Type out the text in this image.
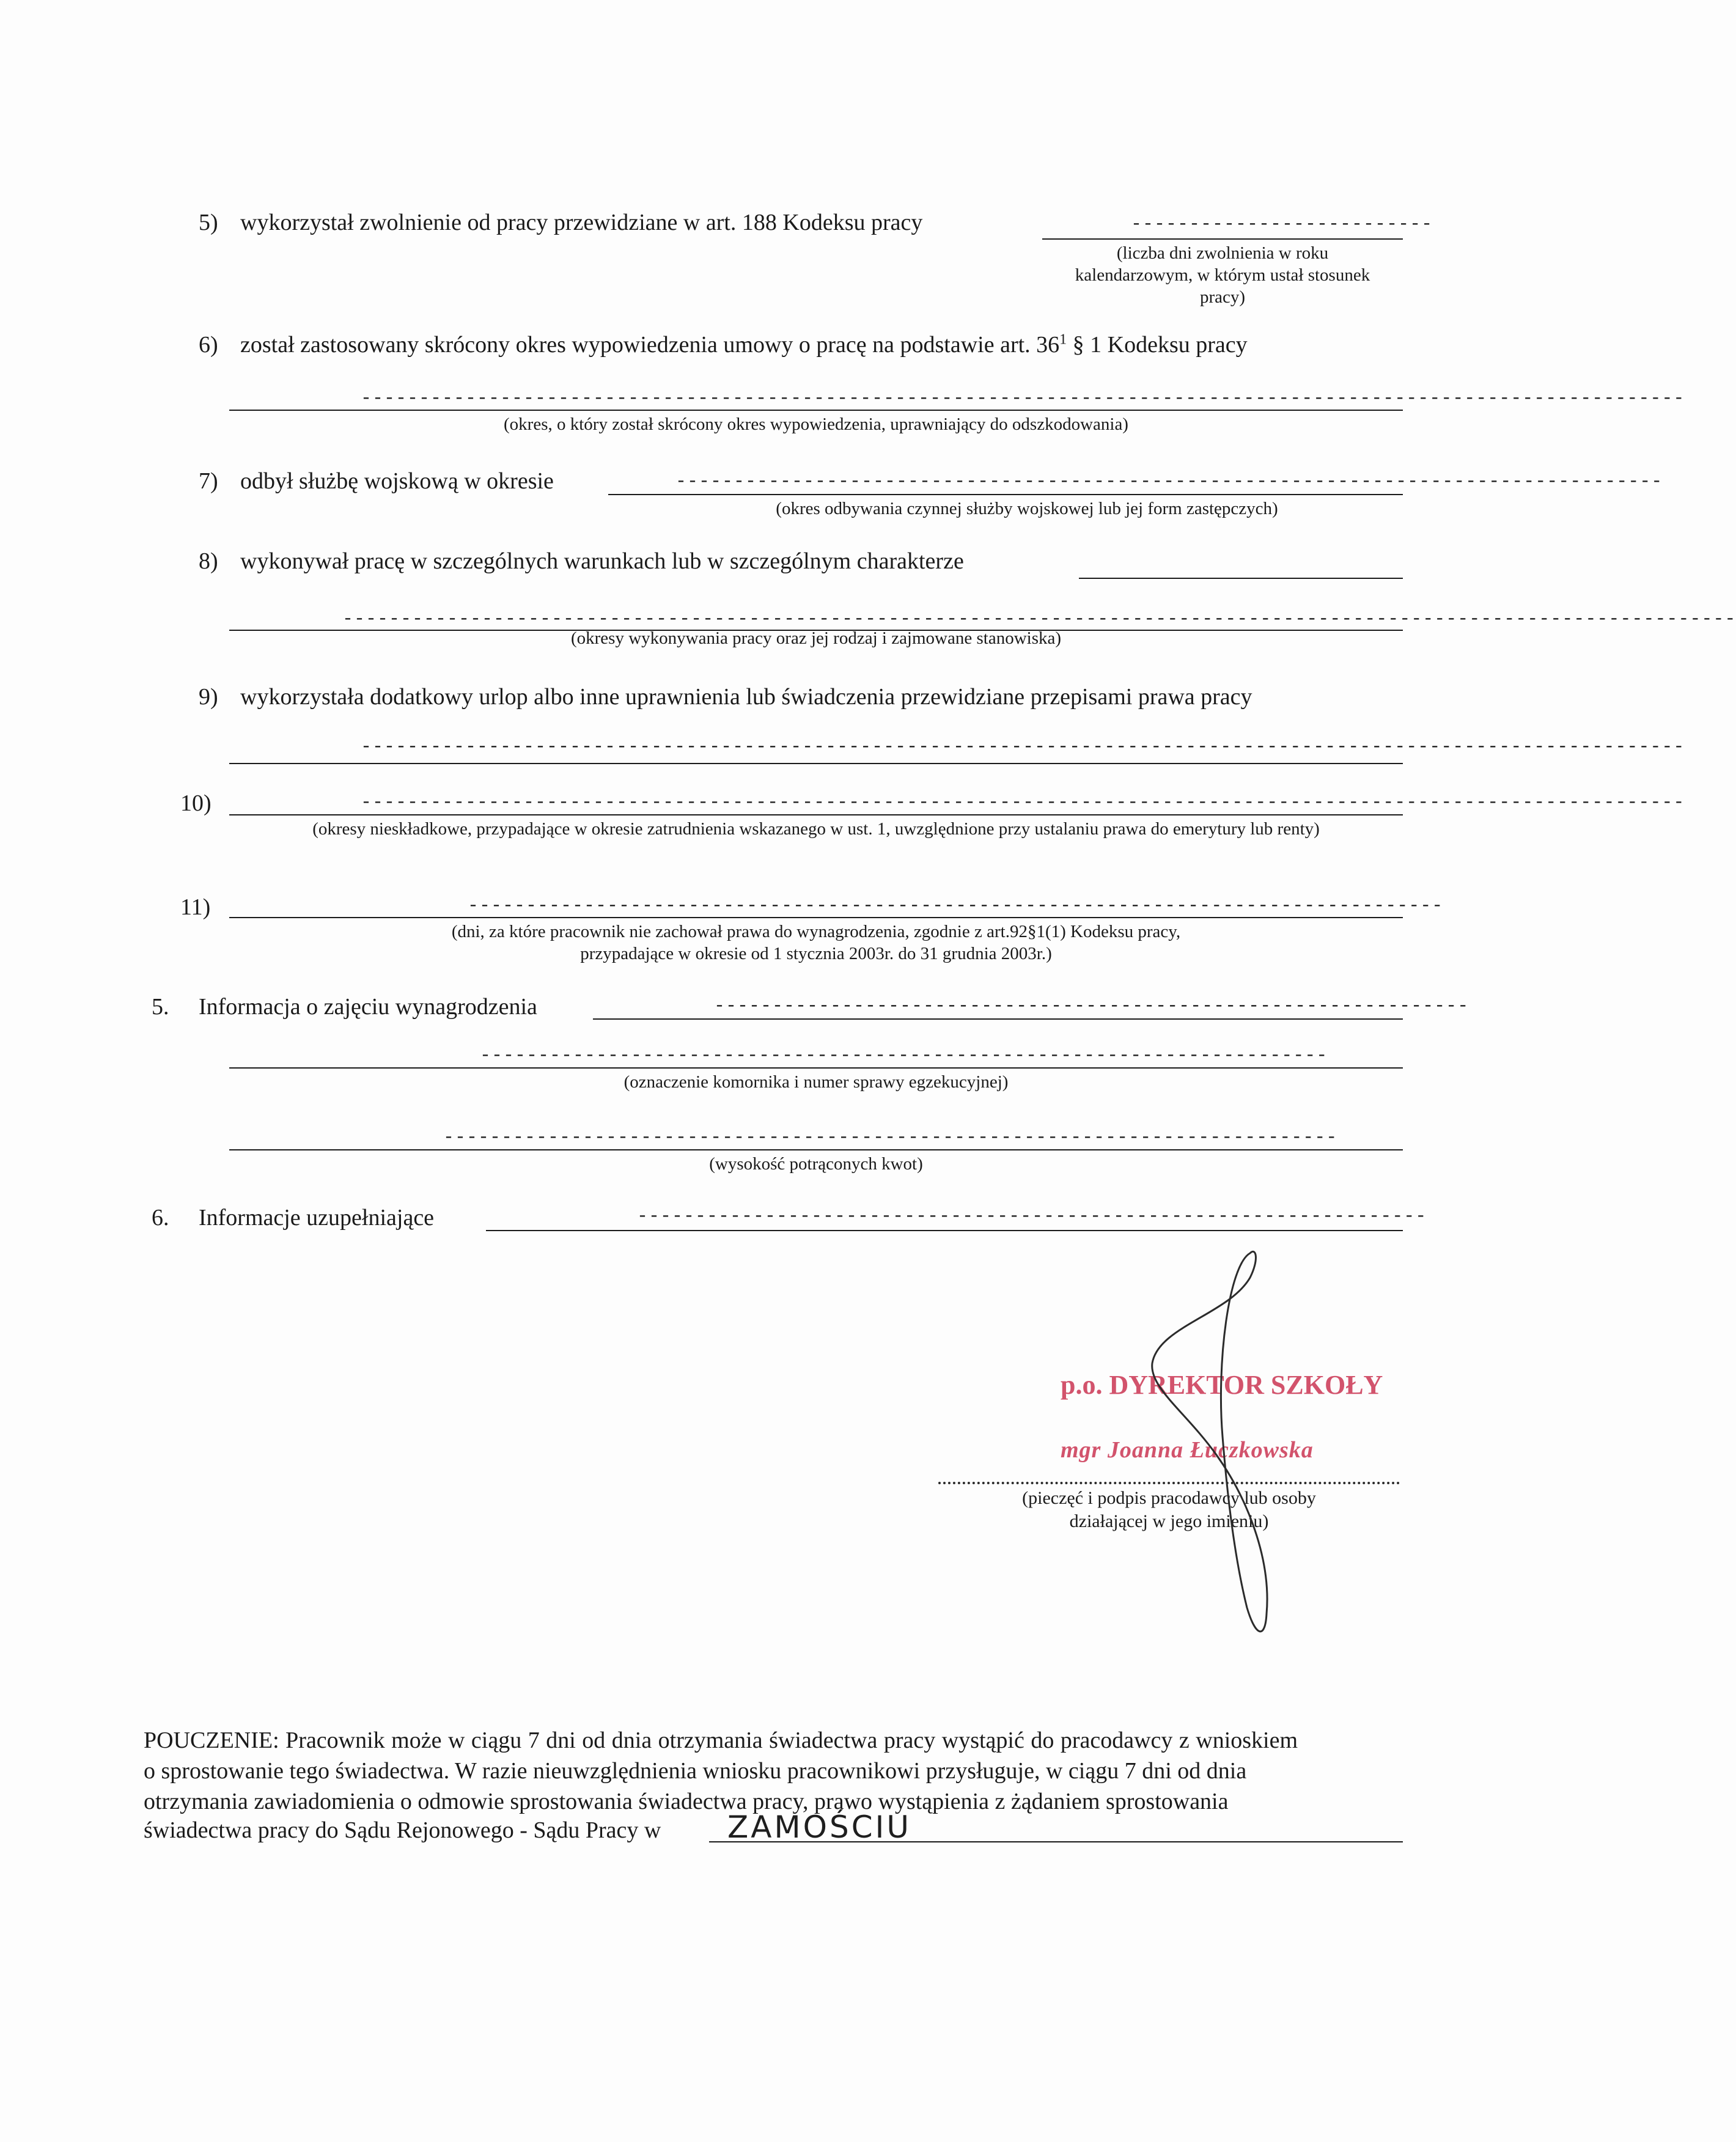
5) wykorzystał zwolnienie od pracy przewidziane w art. 188 Kodeksu pracy	--------------------------
(liczba dni zwolnienia w roku
kalendarzowym, w którym ustał stosunek
pracy)
6) został zastosowany skrócony okres wypowiedzenia umowy o pracę na podstawie art. $36^1$ § 1 Kodeksu pracy
------------------------------------------------------------------------------------------------------------------
(okres, o który został skrócony okres wypowiedzenia, uprawniający do odszkodowania)
7) odbył służbę wojskową w okresie	-------------------------------------------------------------------------------------
(okres odbywania czynnej służby wojskowej lub jej form zastępczych)
8) wykonywał pracę w szczególnych warunkach lub w szczególnym charakterze
------------------------------------------------------------------------------------------------------------------------
(okresy wykonywania pracy oraz jej rodzaj i zajmowane stanowiska)
9) wykorzystała dodatkowy urlop albo inne uprawnienia lub świadczenia przewidziane przepisami prawa pracy
------------------------------------------------------------------------------------------------------------------
10)	------------------------------------------------------------------------------------------------------------------
(okresy nieskładkowe, przypadające w okresie zatrudnienia wskazanego w ust. 1, uwzględnione przy ustalaniu prawa do emerytury lub renty)
11)	------------------------------------------------------------------------------------
(dni, za które pracownik nie zachował prawa do wynagrodzenia, zgodnie z art.92§1(1) Kodeksu pracy,
przypadające w okresie od 1 stycznia 2003r. do 31 grudnia 2003r.)
5. Informacja o zajęciu wynagrodzenia	-----------------------------------------------------------------
-------------------------------------------------------------------------
(oznaczenie komornika i numer sprawy egzekucyjnej)
-----------------------------------------------------------------------------
(wysokość potrąconych kwot)
6. Informacje uzupełniające	--------------------------------------------------------------------
p.o. DYREKTOR SZKOŁY
mgr Joanna Łuczkowska
(pieczęć i podpis pracodawcy lub osoby
działającej w jego imieniu)
POUCZENIE: Pracownik może w ciągu 7 dni od dnia otrzymania świadectwa pracy wystąpić do pracodawcy z wnioskiem
o sprostowanie tego świadectwa. W razie nieuwzględnienia wniosku pracownikowi przysługuje, w ciągu 7 dni od dnia
otrzymania zawiadomienia o odmowie sprostowania świadectwa pracy, prawo wystąpienia z żądaniem sprostowania
świadectwa pracy do Sądu Rejonowego - Sądu Pracy w ZAMOŚCIU
